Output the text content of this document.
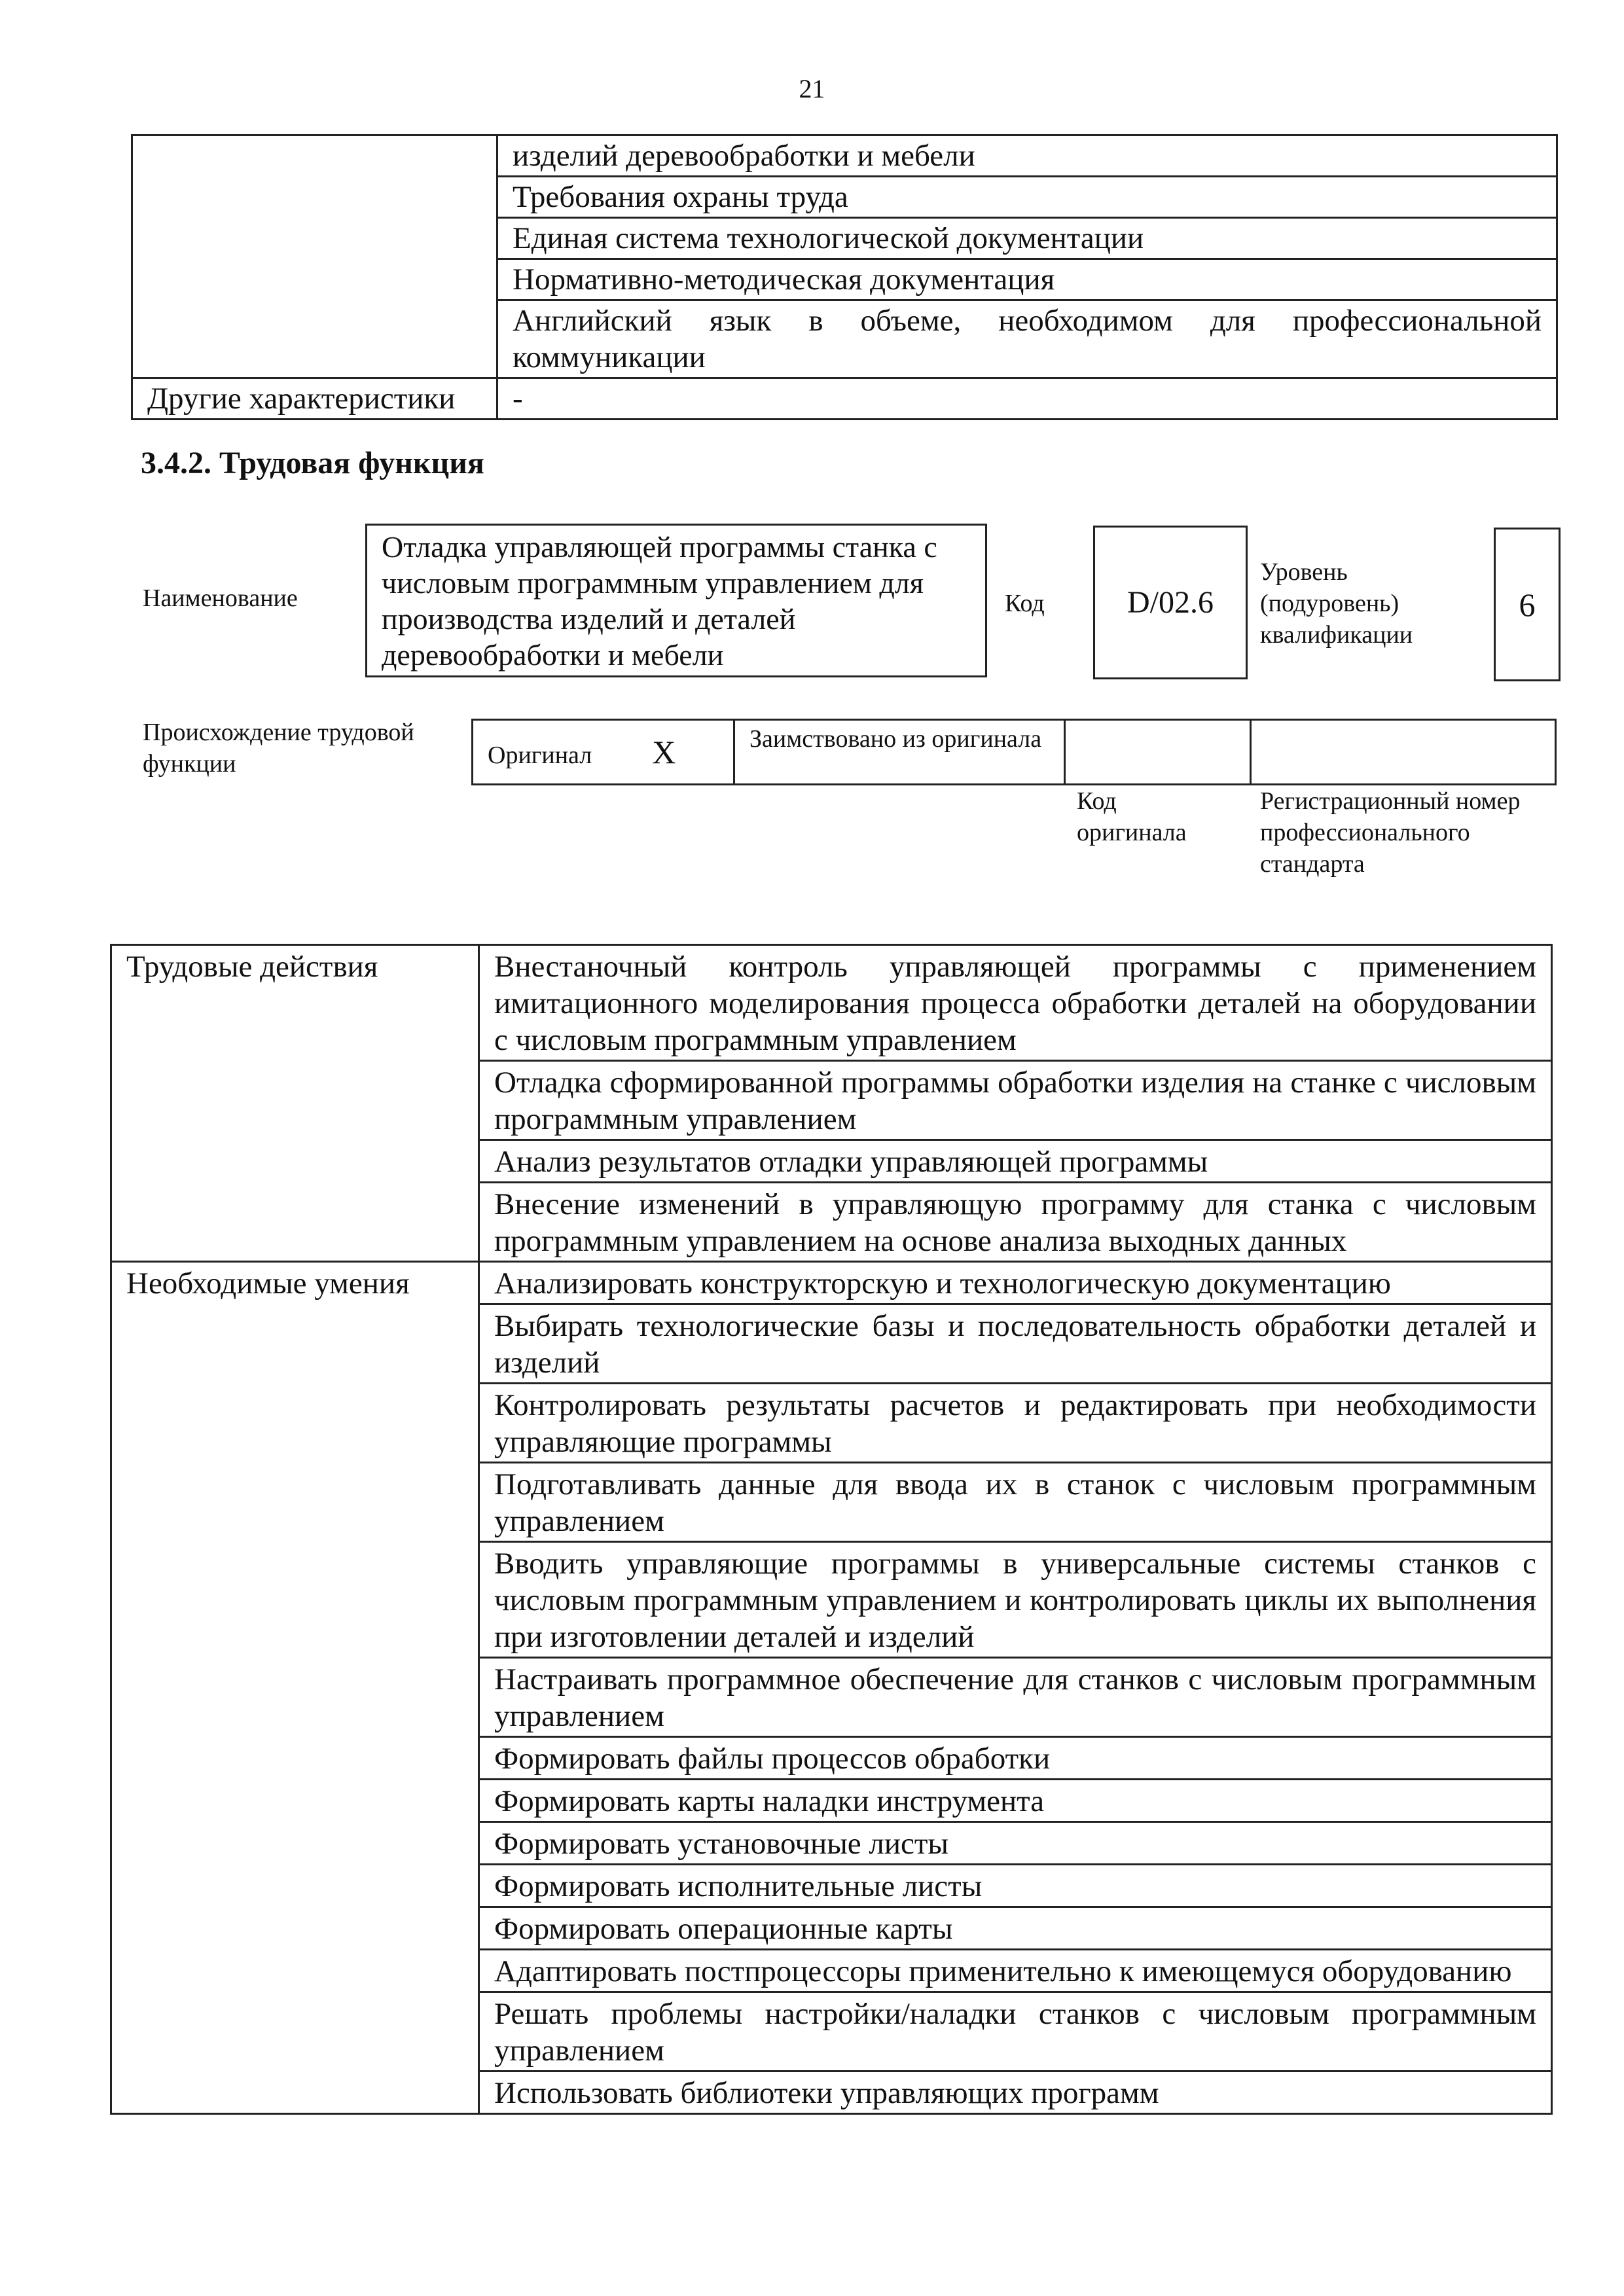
21
	изделий деревообработки и мебели
	Требования охраны труда
	Единая система технологической документации
	Нормативно-методическая документация
	Английский язык в объеме, необходимом для профессиональной коммуникации
Другие характеристики	-
3.4.2. Трудовая функция
Наименование
Отладка управляющей программы станка с числовым программным управлением для производства изделий и деталей деревообработки и мебели
Код	D/02.6
Уровень (подуровень) квалификации
6
Происхождение трудовой функции	Оригинал X	Заимствовано из оригинала		
Код оригинала
Регистрационный номер профессионального стандарта
Трудовые действия	Внестаночный контроль управляющей программы с применением имитационного моделирования процесса обработки деталей на оборудовании с числовым программным управлением
	Отладка сформированной программы обработки изделия на станке с числовым программным управлением
	Анализ результатов отладки управляющей программы
	Внесение изменений в управляющую программу для станка с числовым программным управлением на основе анализа выходных данных
Необходимые умения	Анализировать конструкторскую и технологическую документацию
	Выбирать технологические базы и последовательность обработки деталей и изделий
	Контролировать результаты расчетов и редактировать при необходимости управляющие программы
	Подготавливать данные для ввода их в станок с числовым программным управлением
	Вводить управляющие программы в универсальные системы станков с числовым программным управлением и контролировать циклы их выполнения при изготовлении деталей и изделий
	Настраивать программное обеспечение для станков с числовым программным управлением
	Формировать файлы процессов обработки
	Формировать карты наладки инструмента
	Формировать установочные листы
	Формировать исполнительные листы
	Формировать операционные карты
	Адаптировать постпроцессоры применительно к имеющемуся оборудованию
	Решать проблемы настройки/наладки станков с числовым программным управлением
	Использовать библиотеки управляющих программ
